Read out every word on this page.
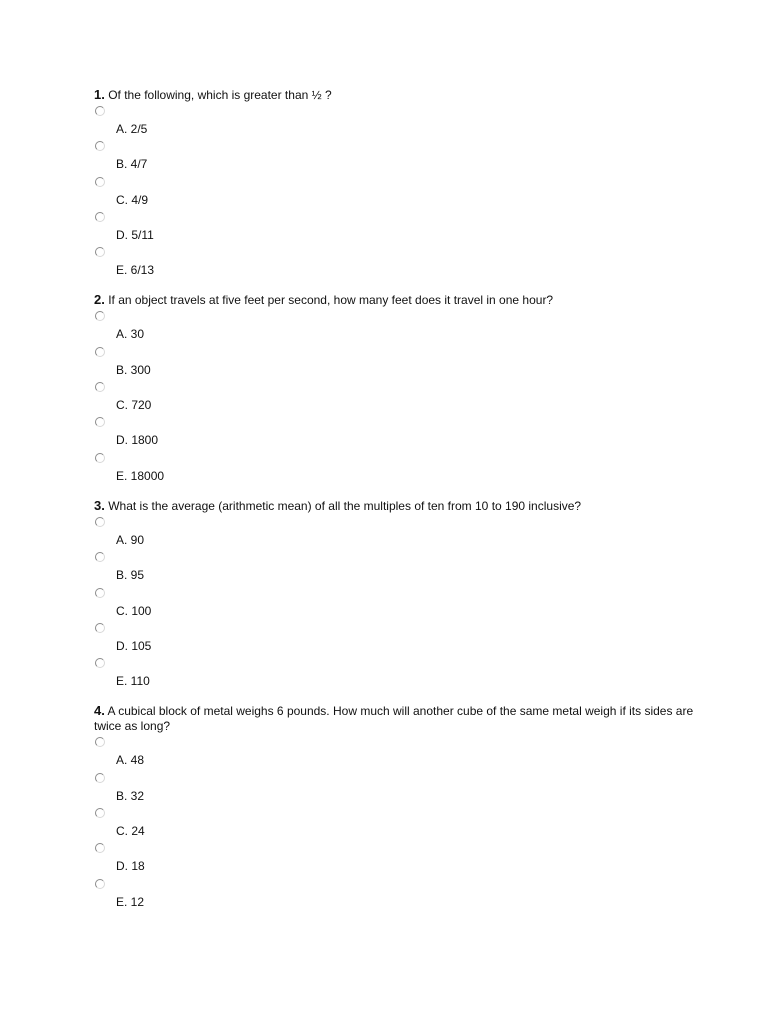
1. Of the following, which is greater than ½ ?
A. 2/5
B. 4/7
C. 4/9
D. 5/11
E. 6/13
2. If an object travels at five feet per second, how many feet does it travel in one hour?
A. 30
B. 300
C. 720
D. 1800
E. 18000
3. What is the average (arithmetic mean) of all the multiples of ten from 10 to 190 inclusive?
A. 90
B. 95
C. 100
D. 105
E. 110
4. A cubical block of metal weighs 6 pounds. How much will another cube of the same metal weigh if its sides are twice as long?
A. 48
B. 32
C. 24
D. 18
E. 12
